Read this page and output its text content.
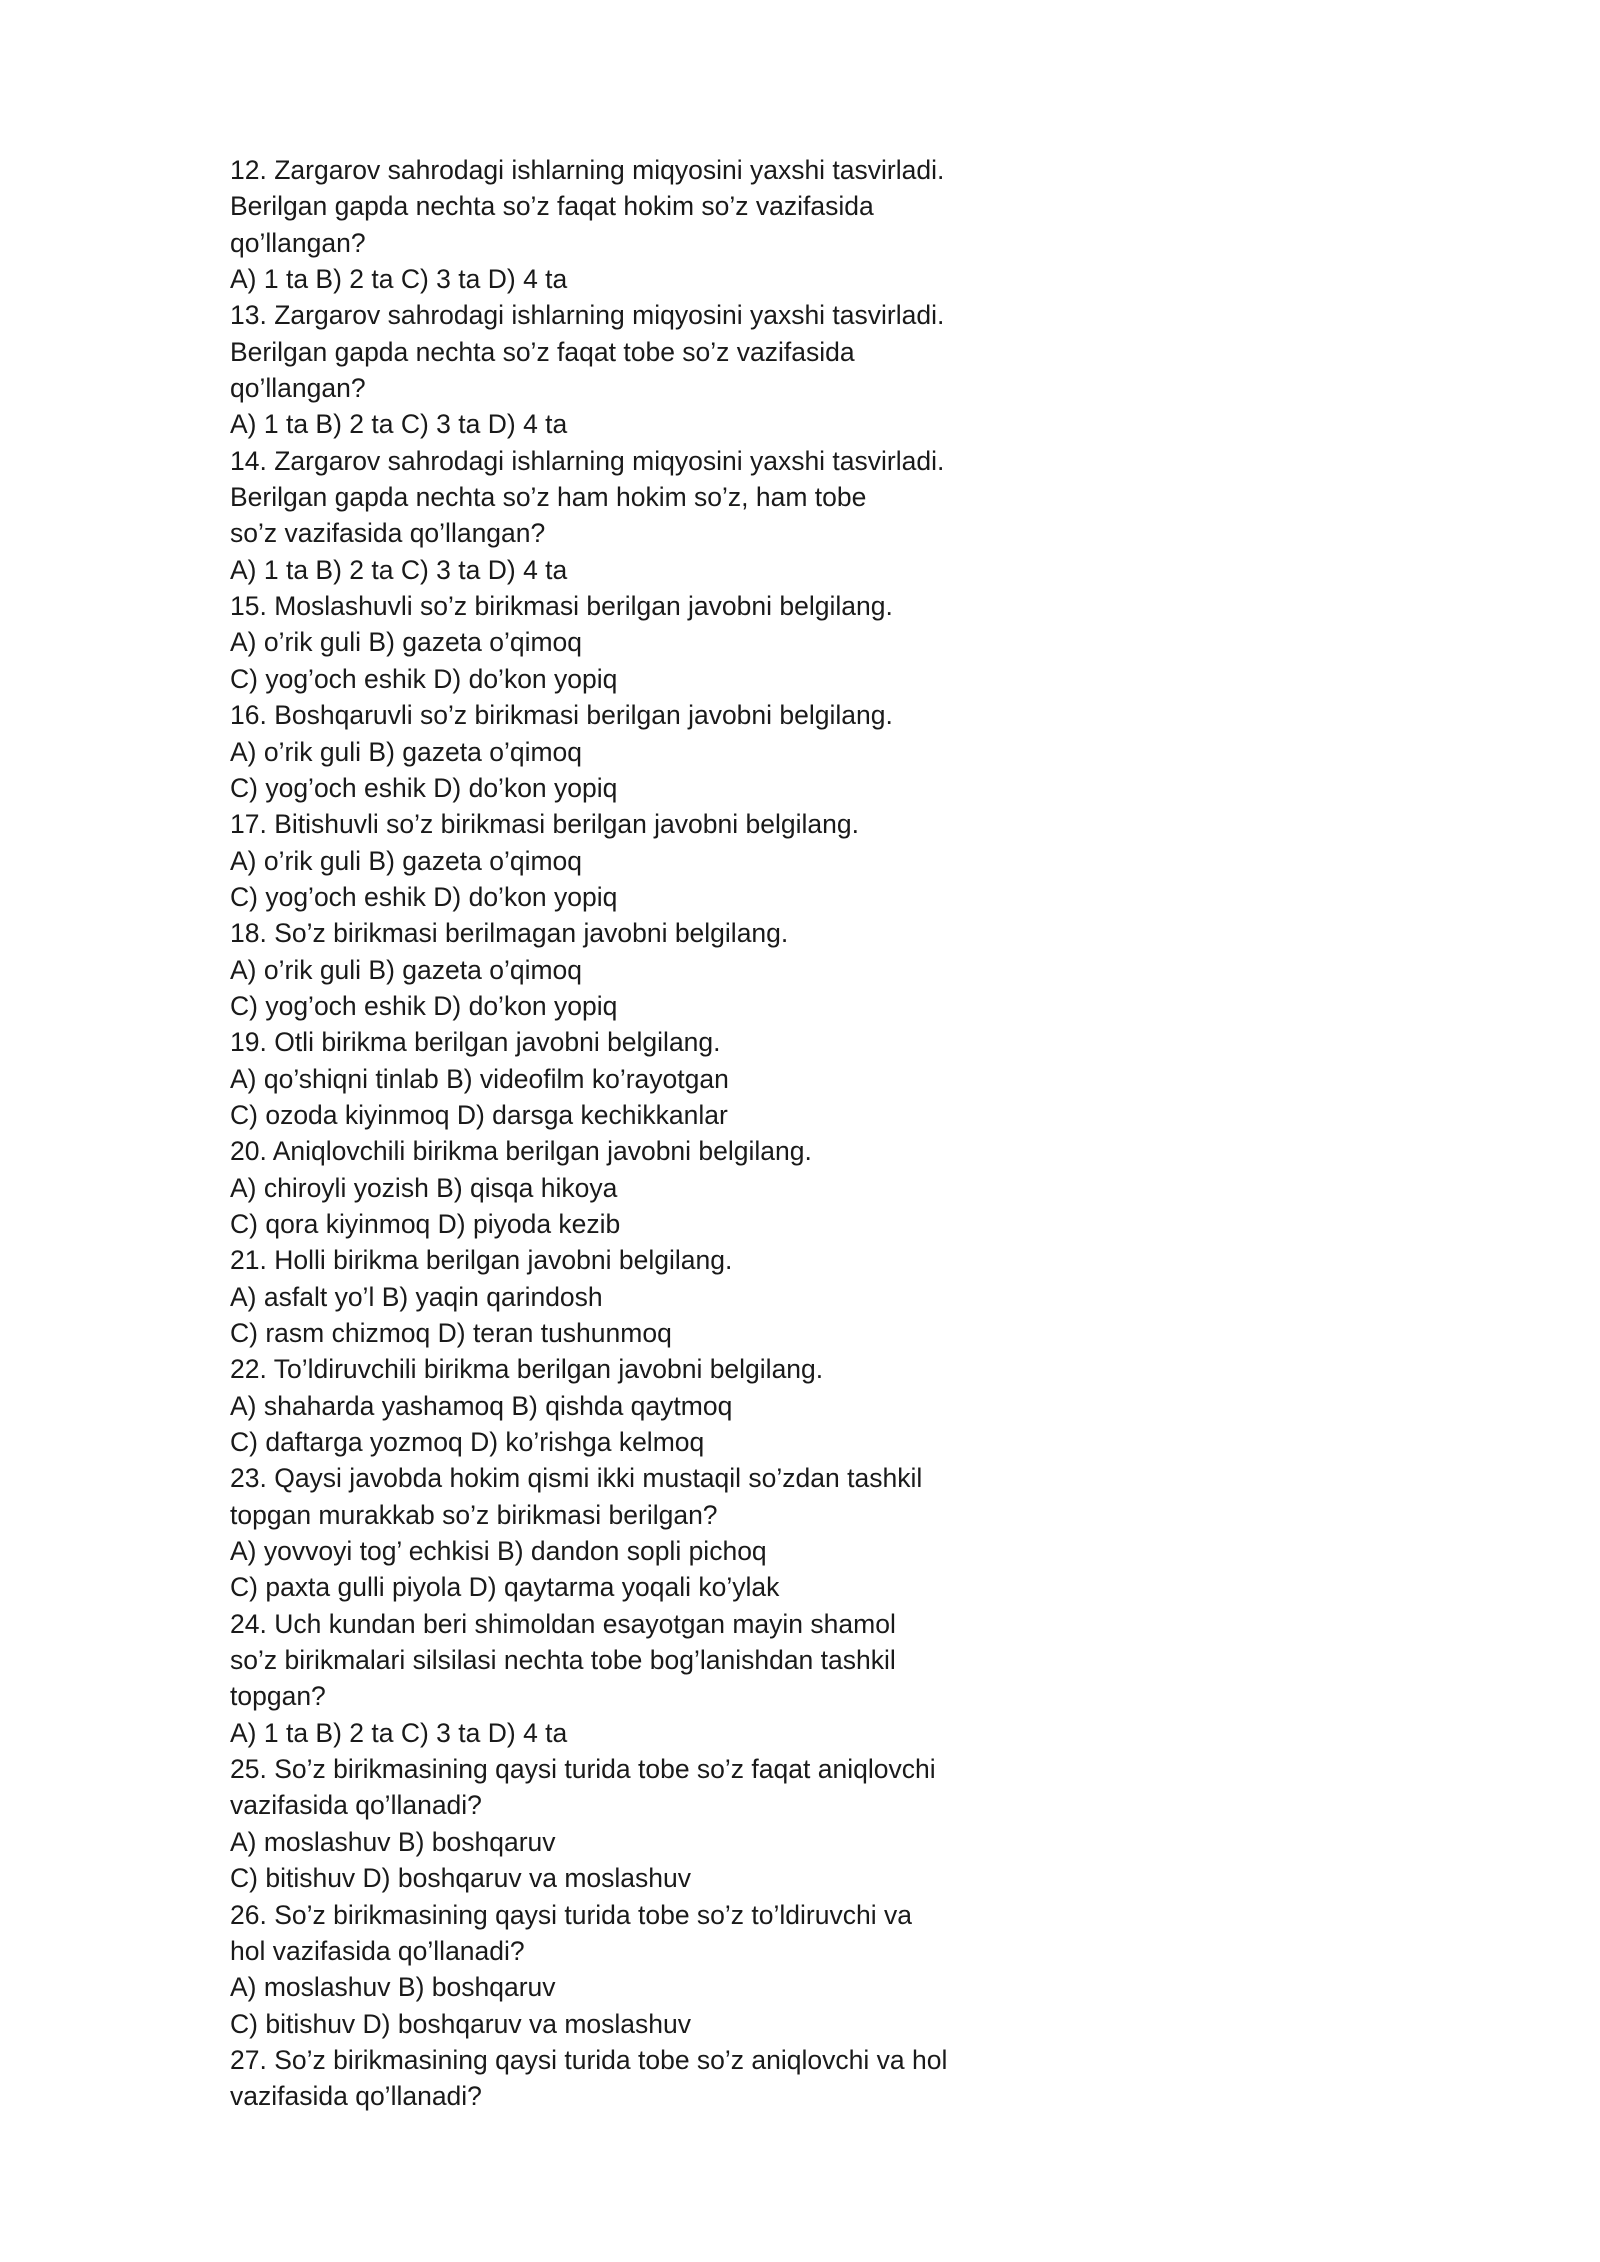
12. Zargarov sahrodagi ishlarning miqyosini yaxshi tasvirladi.
Berilgan gapda nechta so’z faqat hokim so’z vazifasida
qo’llangan?
A) 1 ta B) 2 ta C) 3 ta D) 4 ta
13. Zargarov sahrodagi ishlarning miqyosini yaxshi tasvirladi.
Berilgan gapda nechta so’z faqat tobe so’z vazifasida
qo’llangan?
A) 1 ta B) 2 ta C) 3 ta D) 4 ta
14. Zargarov sahrodagi ishlarning miqyosini yaxshi tasvirladi.
Berilgan gapda nechta so’z ham hokim so’z, ham tobe
so’z vazifasida qo’llangan?
A) 1 ta B) 2 ta C) 3 ta D) 4 ta
15. Moslashuvli so’z birikmasi berilgan javobni belgilang.
A) o’rik guli B) gazeta o’qimoq
C) yog’och eshik D) do’kon yopiq
16. Boshqaruvli so’z birikmasi berilgan javobni belgilang.
A) o’rik guli B) gazeta o’qimoq
C) yog’och eshik D) do’kon yopiq
17. Bitishuvli so’z birikmasi berilgan javobni belgilang.
A) o’rik guli B) gazeta o’qimoq
C) yog’och eshik D) do’kon yopiq
18. So’z birikmasi berilmagan javobni belgilang.
A) o’rik guli B) gazeta o’qimoq
C) yog’och eshik D) do’kon yopiq
19. Otli birikma berilgan javobni belgilang.
A) qo’shiqni tinlab B) videofilm ko’rayotgan
C) ozoda kiyinmoq D) darsga kechikkanlar
20. Aniqlovchili birikma berilgan javobni belgilang.
A) chiroyli yozish B) qisqa hikoya
C) qora kiyinmoq D) piyoda kezib
21. Holli birikma berilgan javobni belgilang.
A) asfalt yo’l B) yaqin qarindosh
C) rasm chizmoq D) teran tushunmoq
22. To’ldiruvchili birikma berilgan javobni belgilang.
A) shaharda yashamoq B) qishda qaytmoq
C) daftarga yozmoq D) ko’rishga kelmoq
23. Qaysi javobda hokim qismi ikki mustaqil so’zdan tashkil
topgan murakkab so’z birikmasi berilgan?
A) yovvoyi tog’ echkisi B) dandon sopli pichoq
C) paxta gulli piyola D) qaytarma yoqali ko’ylak
24. Uch kundan beri shimoldan esayotgan mayin shamol
so’z birikmalari silsilasi nechta tobe bog’lanishdan tashkil
topgan?
A) 1 ta B) 2 ta C) 3 ta D) 4 ta
25. So’z birikmasining qaysi turida tobe so’z faqat aniqlovchi
vazifasida qo’llanadi?
A) moslashuv B) boshqaruv
C) bitishuv D) boshqaruv va moslashuv
26. So’z birikmasining qaysi turida tobe so’z to’ldiruvchi va
hol vazifasida qo’llanadi?
A) moslashuv B) boshqaruv
C) bitishuv D) boshqaruv va moslashuv
27. So’z birikmasining qaysi turida tobe so’z aniqlovchi va hol
vazifasida qo’llanadi?
